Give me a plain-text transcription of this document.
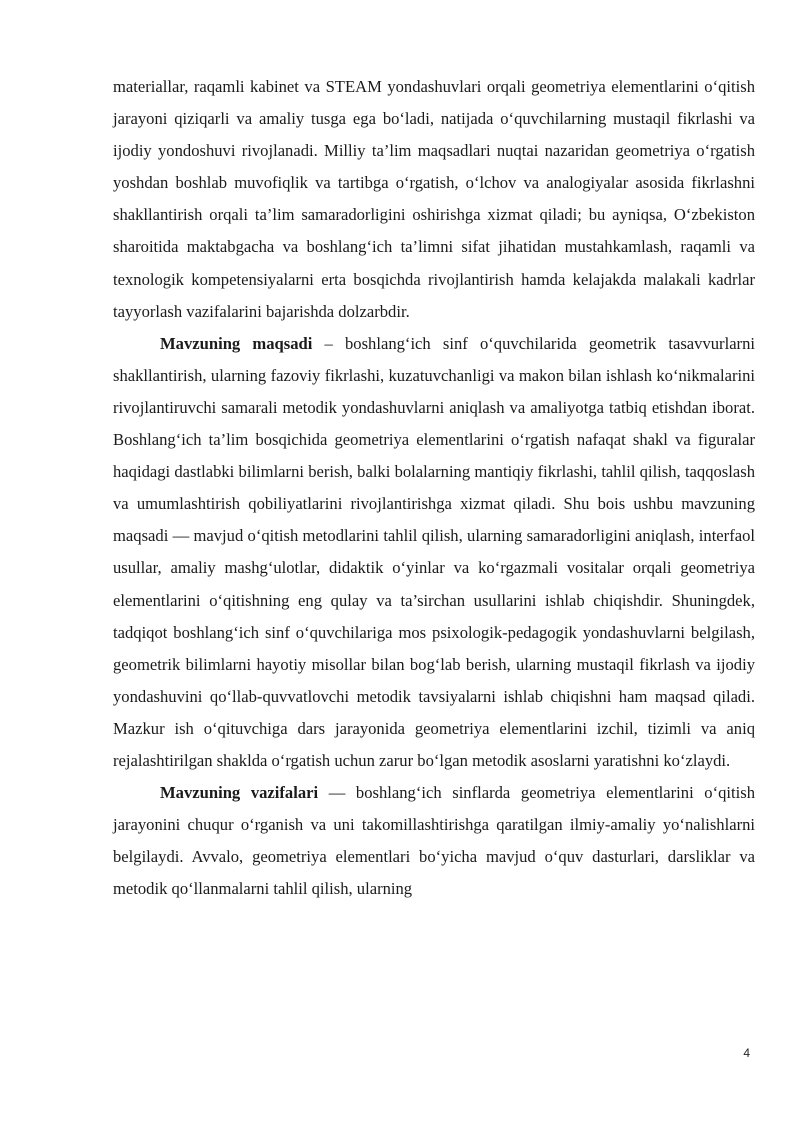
materiallar, raqamli kabinet va STEAM yondashuvlari orqali geometriya elementlarini o‘qitish jarayoni qiziqarli va amaliy tusga ega bo‘ladi, natijada o‘quvchilarning mustaqil fikrlashi va ijodiy yondoshuvi rivojlanadi. Milliy ta’lim maqsadlari nuqtai nazaridan geometriya o‘rgatish yoshdan boshlab muvofiqlik va tartibga o‘rgatish, o‘lchov va analogiyalar asosida fikrlashni shakllantirish orqali ta’lim samaradorligini oshirishga xizmat qiladi; bu ayniqsa, O‘zbekiston sharoitida maktabgacha va boshlang‘ich ta’limni sifat jihatidan mustahkamlash, raqamli va texnologik kompetensiyalarni erta bosqichda rivojlantirish hamda kelajakda malakali kadrlar tayyorlash vazifalarini bajarishda dolzarbdir.

Mavzuning maqsadi – boshlang‘ich sinf o‘quvchilarida geometrik tasavvurlarni shakllantirish, ularning fazoviy fikrlashi, kuzatuvchanligi va makon bilan ishlash ko‘nikmalarini rivojlantiruvchi samarali metodik yondashuvlarni aniqlash va amaliyotga tatbiq etishdan iborat. Boshlang‘ich ta’lim bosqichida geometriya elementlarini o‘rgatish nafaqat shakl va figuralar haqidagi dastlabki bilimlarni berish, balki bolalarning mantiqiy fikrlashi, tahlil qilish, taqqoslash va umumlashtirish qobiliyatlarini rivojlantirishga xizmat qiladi. Shu bois ushbu mavzuning maqsadi — mavjud o‘qitish metodlarini tahlil qilish, ularning samaradorligini aniqlash, interfaol usullar, amaliy mashg‘ulotlar, didaktik o‘yinlar va ko‘rgazmali vositalar orqali geometriya elementlarini o‘qitishning eng qulay va ta’sirchan usullarini ishlab chiqishdir. Shuningdek, tadqiqot boshlang‘ich sinf o‘quvchilariga mos psixologik-pedagogik yondashuvlarni belgilash, geometrik bilimlarni hayotiy misollar bilan bog‘lab berish, ularning mustaqil fikrlash va ijodiy yondashuvini qo‘llab-quvvatlovchi metodik tavsiyalarni ishlab chiqishni ham maqsad qiladi. Mazkur ish o‘qituvchiga dars jarayonida geometriya elementlarini izchil, tizimli va aniq rejalashtirilgan shaklda o‘rgatish uchun zarur bo‘lgan metodik asoslarni yaratishni ko‘zlaydi.

Mavzuning vazifalari — boshlang‘ich sinflarda geometriya elementlarini o‘qitish jarayonini chuqur o‘rganish va uni takomillashtirishga qaratilgan ilmiy-amaliy yo‘nalishlarni belgilaydi. Avvalo, geometriya elementlari bo‘yicha mavjud o‘quv dasturlari, darsliklar va metodik qo‘llanmalarni tahlil qilish, ularning

4
